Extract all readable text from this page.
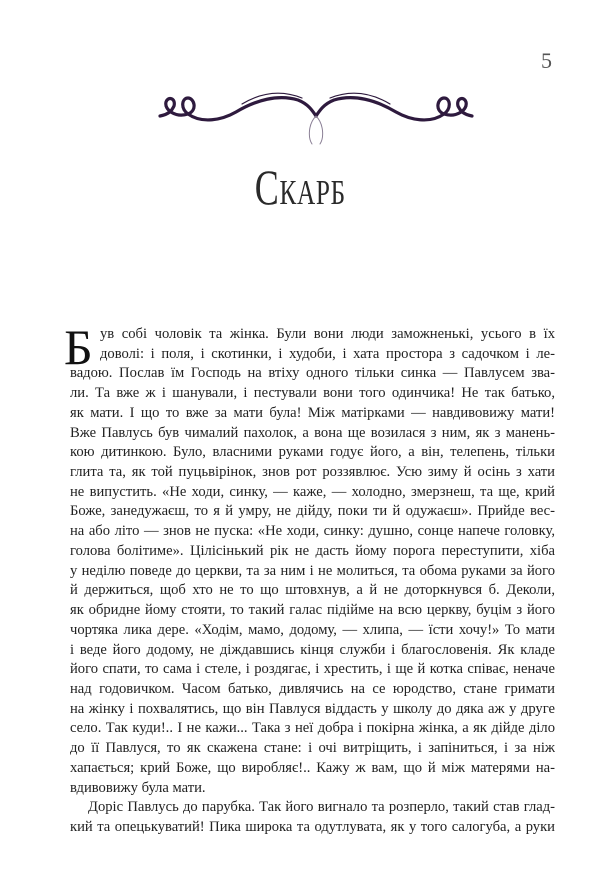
5
Скарб
Б ув собі чоловік та жінка. Були вони люди заможненькі, усього в їх
доволі: і поля, і скотинки, і худоби, і хата простора з садочком і ле-
вадою. Послав їм Господь на втіху одного тільки синка — Павлусем зва-
ли. Та вже ж і шанували, і пестували вони того одинчика! Не так батько,
як мати. І що то вже за мати була! Між матірками — навдивовижу мати!
Вже Павлусь був чималий пахолок, а вона ще возилася з ним, як з манень-
кою дитинкою. Було, власними руками годує його, а він, телепень, тільки
глита та, як той пуцьвірінок, знов рот роззявлює. Усю зиму й осінь з хати
не випустить. «Не ходи, синку, — каже, — холодно, змерзнеш, та ще, крий
Боже, занедужаєш, то я й умру, не дійду, поки ти й одужаєш». Прийде вес-
на або літо — знов не пуска: «Не ходи, синку: душно, сонце напече головку,
голова болітиме». Цілісінький рік не дасть йому порога переступити, хіба
у неділю поведе до церкви, та за ним і не молиться, та обома руками за його
й держиться, щоб хто не то що штовхнув, а й не доторкнувся б. Деколи,
як обридне йому стояти, то такий галас підійме на всю церкву, буцім з його
чортяка лика дере. «Ходім, мамо, додому, — хлипа, — їсти хочу!» То мати
і веде його додому, не діждавшись кінця служби і благословенія. Як кладе
його спати, то сама і стеле, і роздягає, і хрестить, і ще й котка співає, неначе
над годовичком. Часом батько, дивлячись на се юродство, стане гримати
на жінку і похвалятись, що він Павлуся віддасть у школу до дяка аж у друге
село. Так куди!.. І не кажи... Така з неї добра і покірна жінка, а як дійде діло
до її Павлуся, то як скажена стане: і очі витріщить, і запіниться, і за ніж
хапається; крий Боже, що виробляє!.. Кажу ж вам, що й між матерями на-
вдивовижу була мати.
Доріс Павлусь до парубка. Так його вигнало та розперло, такий став глад-
кий та опецькуватий! Пика широка та одутлувата, як у того салогуба, а руки
